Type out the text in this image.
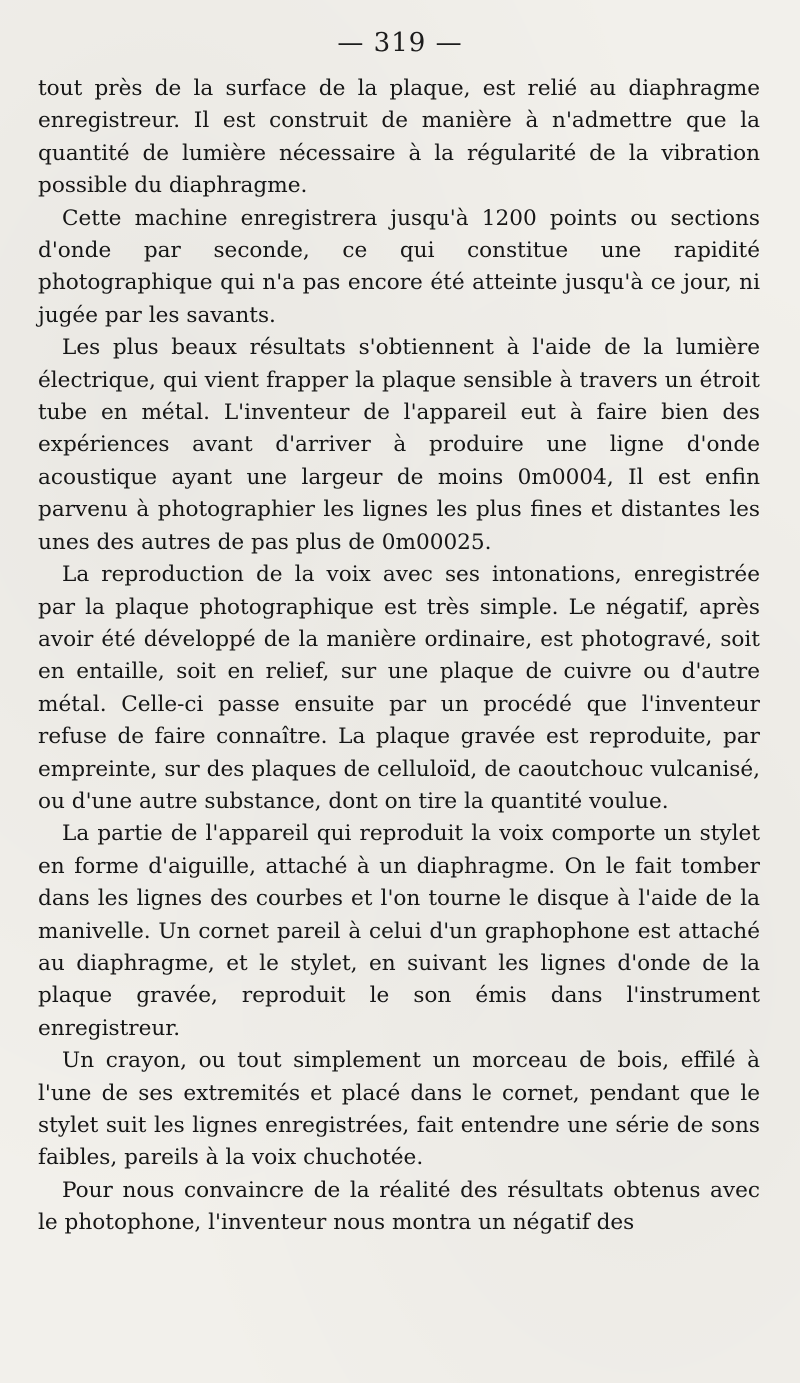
— 319 —

tout près de la surface de la plaque, est relié au diaphragme enregistreur. Il est construit de manière à n'admettre que la quantité de lumière nécessaire à la régularité de la vibration possible du diaphragme.

Cette machine enregistrera jusqu'à 1200 points ou sections d'onde par seconde, ce qui constitue une rapidité photographique qui n'a pas encore été atteinte jusqu'à ce jour, ni jugée par les savants.

Les plus beaux résultats s'obtiennent à l'aide de la lumière électrique, qui vient frapper la plaque sensible à travers un étroit tube en métal. L'inventeur de l'appareil eut à faire bien des expériences avant d'arriver à produire une ligne d'onde acoustique ayant une largeur de moins 0m0004, Il est enfin parvenu à photographier les lignes les plus fines et distantes les unes des autres de pas plus de 0m00025.

La reproduction de la voix avec ses intonations, enregistrée par la plaque photographique est très simple. Le négatif, après avoir été développé de la manière ordinaire, est photogravé, soit en entaille, soit en relief, sur une plaque de cuivre ou d'autre métal. Celle-ci passe ensuite par un procédé que l'inventeur refuse de faire connaître. La plaque gravée est reproduite, par empreinte, sur des plaques de celluloïd, de caoutchouc vulcanisé, ou d'une autre substance, dont on tire la quantité voulue.

La partie de l'appareil qui reproduit la voix comporte un stylet en forme d'aiguille, attaché à un diaphragme. On le fait tomber dans les lignes des courbes et l'on tourne le disque à l'aide de la manivelle. Un cornet pareil à celui d'un graphophone est attaché au diaphragme, et le stylet, en suivant les lignes d'onde de la plaque gravée, reproduit le son émis dans l'instrument enregistreur.

Un crayon, ou tout simplement un morceau de bois, effilé à l'une de ses extremités et placé dans le cornet, pendant que le stylet suit les lignes enregistrées, fait entendre une série de sons faibles, pareils à la voix chuchotée.

Pour nous convaincre de la réalité des résultats obtenus avec le photophone, l'inventeur nous montra un négatif des
